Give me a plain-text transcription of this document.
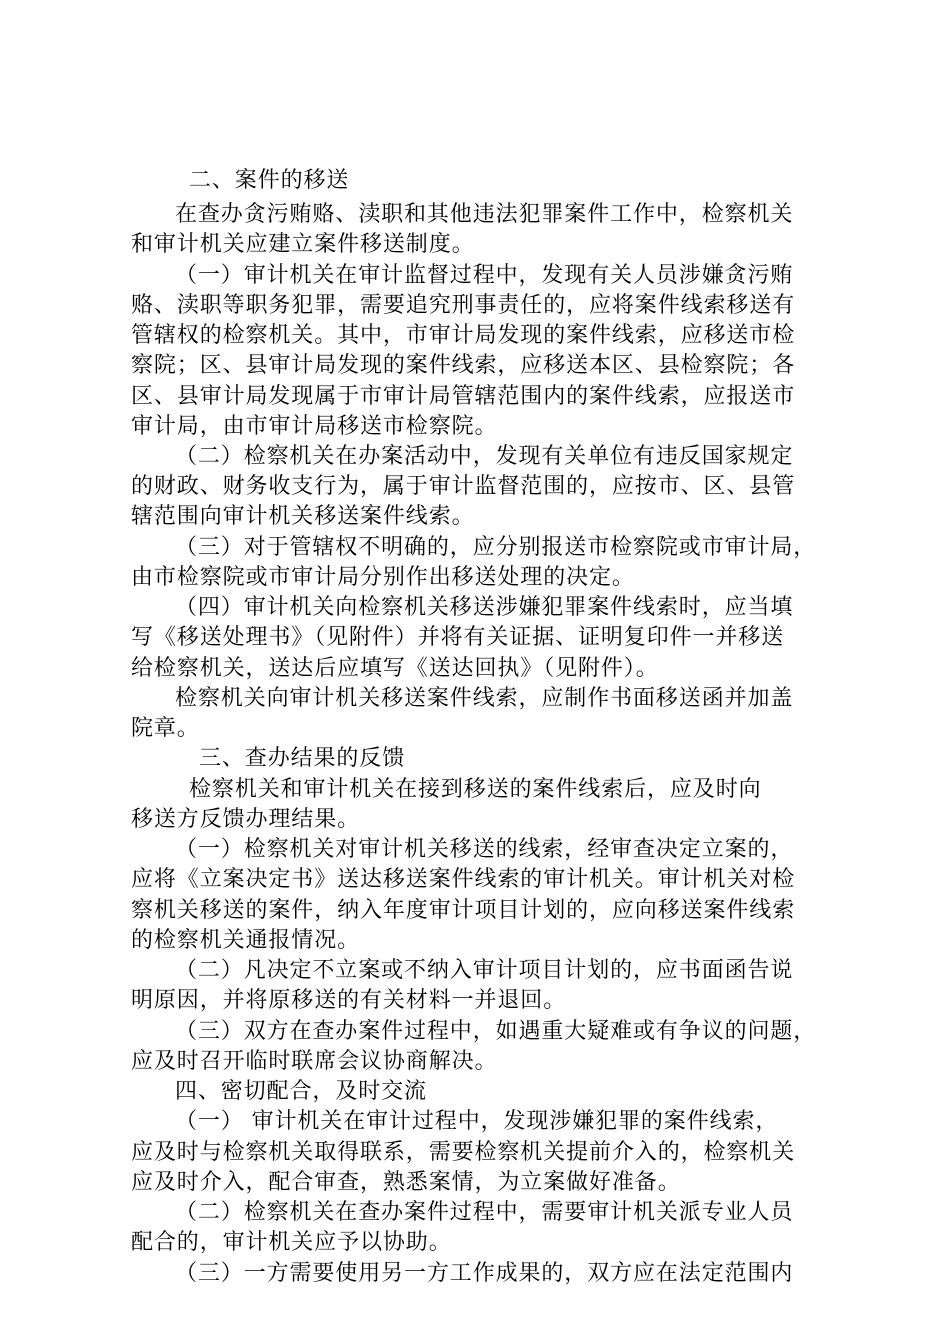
二、案件的移送
在查办贪污贿赂、渎职和其他违法犯罪案件工作中，检察机关
和审计机关应建立案件移送制度。
（一）审计机关在审计监督过程中，发现有关人员涉嫌贪污贿
赂、渎职等职务犯罪，需要追究刑事责任的，应将案件线索移送有
管辖权的检察机关。其中，市审计局发现的案件线索，应移送市检
察院；区、县审计局发现的案件线索，应移送本区、县检察院；各
区、县审计局发现属于市审计局管辖范围内的案件线索，应报送市
审计局，由市审计局移送市检察院。
（二）检察机关在办案活动中，发现有关单位有违反国家规定
的财政、财务收支行为，属于审计监督范围的，应按市、区、县管
辖范围向审计机关移送案件线索。
（三）对于管辖权不明确的，应分别报送市检察院或市审计局，
由市检察院或市审计局分别作出移送处理的决定。
（四）审计机关向检察机关移送涉嫌犯罪案件线索时，应当填
写《移送处理书》（见附件）并将有关证据、证明复印件一并移送
给检察机关，送达后应填写《送达回执》（见附件）。
检察机关向审计机关移送案件线索，应制作书面移送函并加盖
院章。
三、查办结果的反馈
检察机关和审计机关在接到移送的案件线索后，应及时向
移送方反馈办理结果。
（一）检察机关对审计机关移送的线索，经审查决定立案的，
应将《立案决定书》送达移送案件线索的审计机关。审计机关对检
察机关移送的案件，纳入年度审计项目计划的，应向移送案件线索
的检察机关通报情况。
（二）凡决定不立案或不纳入审计项目计划的，应书面函告说
明原因，并将原移送的有关材料一并退回。
（三）双方在查办案件过程中，如遇重大疑难或有争议的问题，
应及时召开临时联席会议协商解决。
四、密切配合，及时交流
（一） 审计机关在审计过程中，发现涉嫌犯罪的案件线索，
应及时与检察机关取得联系，需要检察机关提前介入的，检察机关
应及时介入，配合审查，熟悉案情，为立案做好准备。
（二）检察机关在查办案件过程中，需要审计机关派专业人员
配合的，审计机关应予以协助。
（三）一方需要使用另一方工作成果的，双方应在法定范围内
